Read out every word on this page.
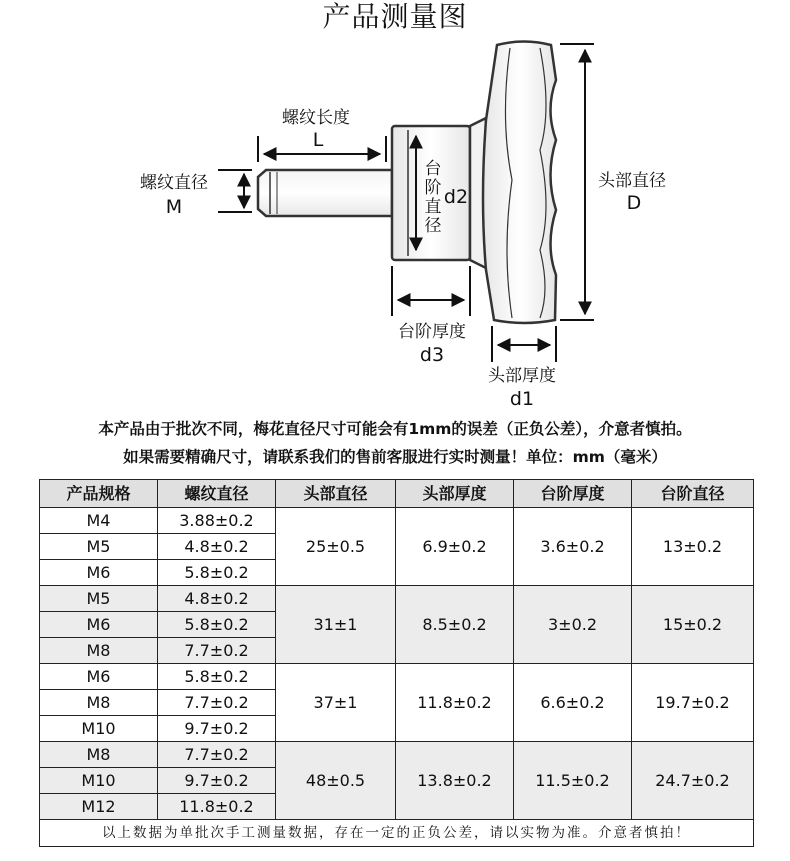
产品测量图
螺纹长度
L
螺纹直径
M
台
阶
直
径
d2
头部直径
D
台阶厚度
d3
头部厚度
d1
本产品由于批次不同，梅花直径尺寸可能会有1mm的误差（正负公差），介意者慎拍。
如果需要精确尺寸，请联系我们的售前客服进行实时测量！单位：mm（毫米）
产品规格	螺纹直径	头部直径	头部厚度	台阶厚度	台阶直径
M4	3.88±0.2	25±0.5	6.9±0.2	3.6±0.2	13±0.2
M5	4.8±0.2				
M6	5.8±0.2				
M5	4.8±0.2	31±1	8.5±0.2	3±0.2	15±0.2
M6	5.8±0.2				
M8	7.7±0.2				
M6	5.8±0.2	37±1	11.8±0.2	6.6±0.2	19.7±0.2
M8	7.7±0.2				
M10	9.7±0.2				
M8	7.7±0.2	48±0.5	13.8±0.2	11.5±0.2	24.7±0.2
M10	9.7±0.2				
M12	11.8±0.2				
以上数据为单批次手工测量数据，存在一定的正负公差，请以实物为准。介意者慎拍！					
